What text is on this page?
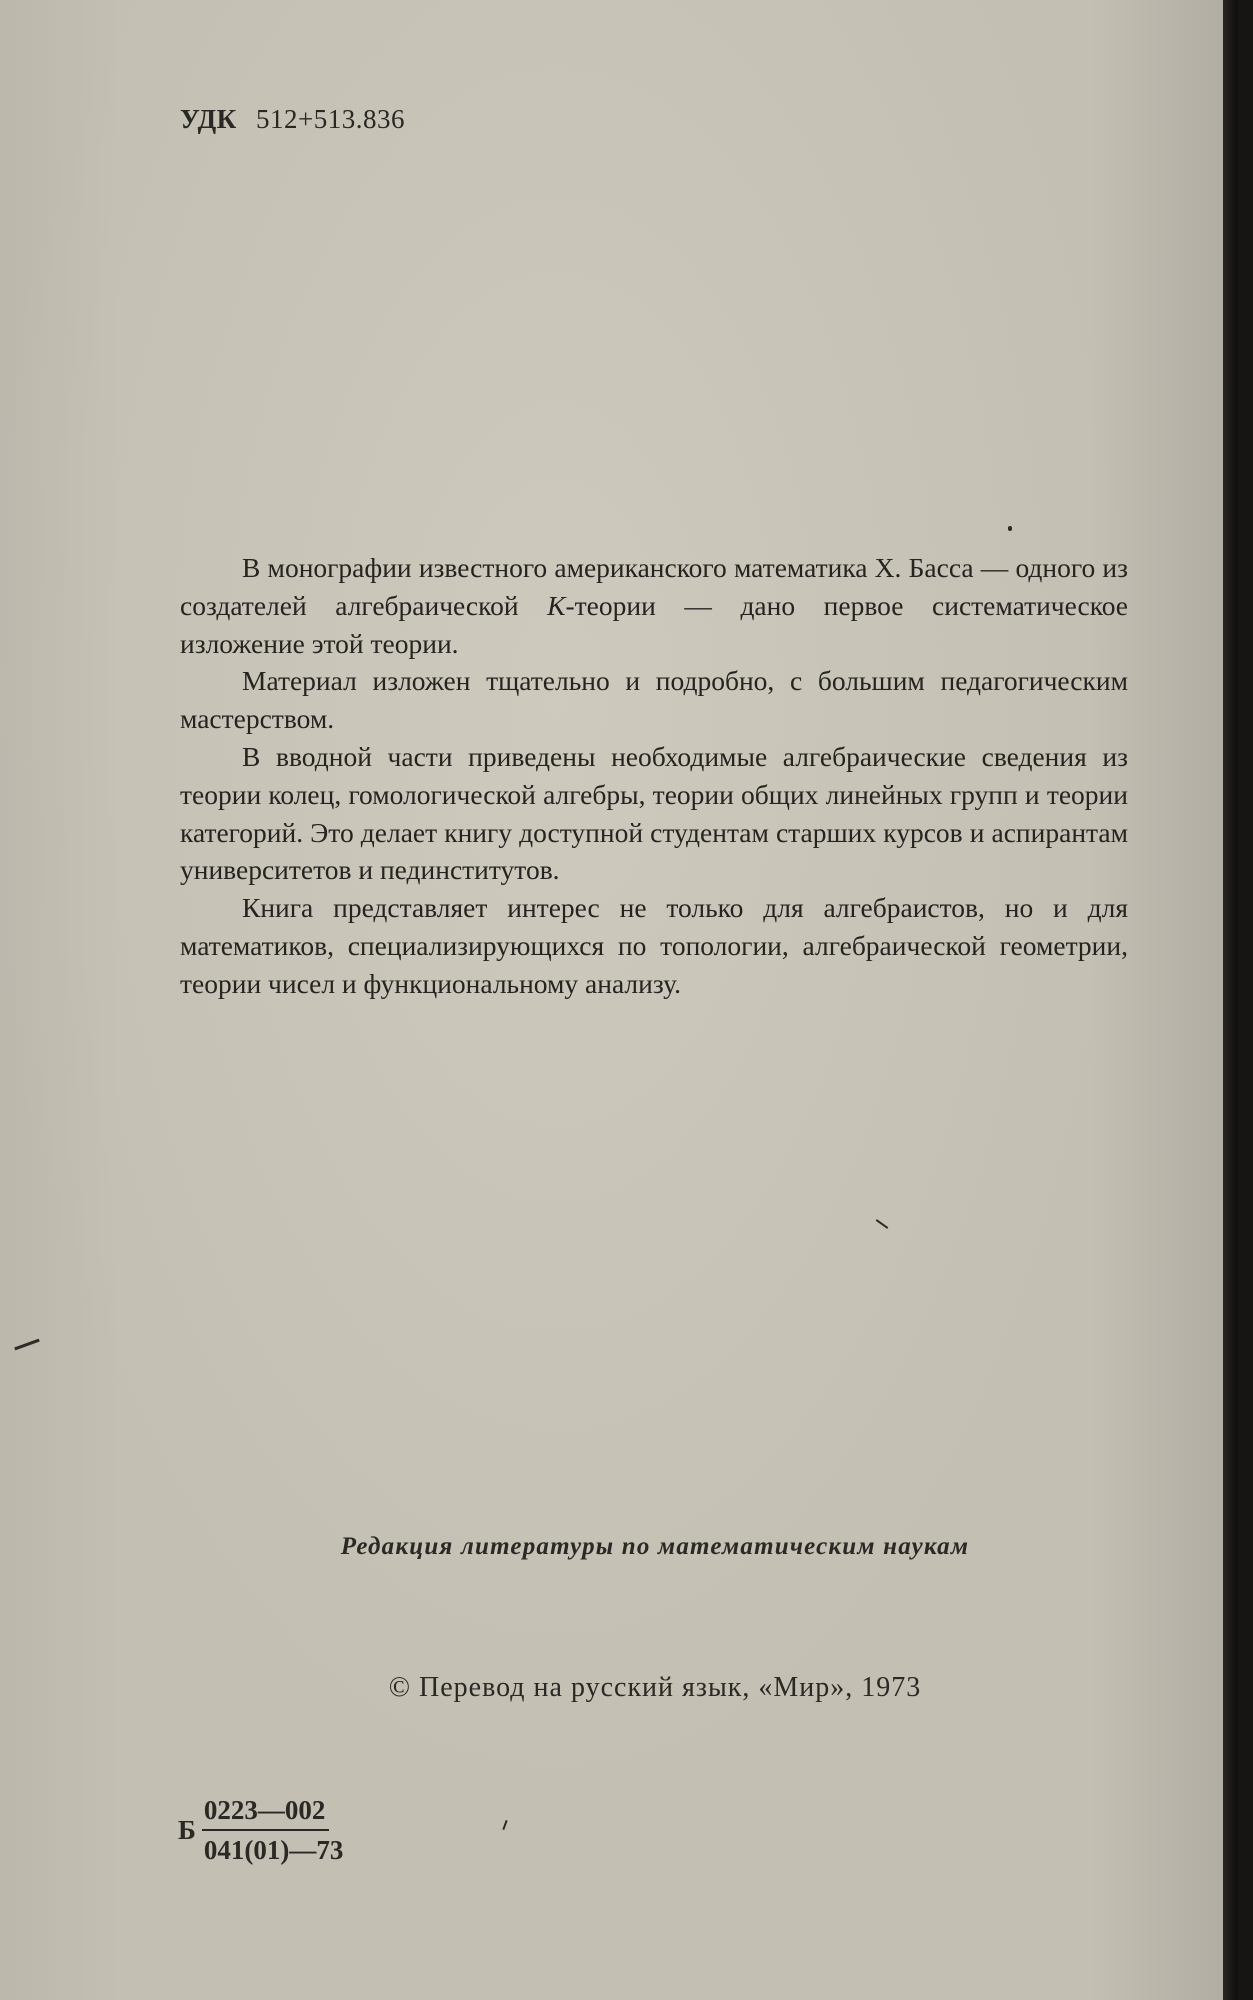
УДК 512+513.836

В монографии известного американского математика Х. Басса — одного из создателей алгебраической K-теории — дано первое систематическое изложение этой теории.

Материал изложен тщательно и подробно, с большим педагогическим мастерством.

В вводной части приведены необходимые алгебраические сведения из теории колец, гомологической алгебры, теории общих линейных групп и теории категорий. Это делает книгу доступной студентам старших курсов и аспирантам университетов и пединститутов.

Книга представляет интерес не только для алгебраистов, но и для математиков, специализирующихся по топологии, алгебраической геометрии, теории чисел и функциональному анализу.

Редакция литературы по математическим наукам
© Перевод на русский язык, «Мир», 1973
Б $\frac{0223—002}{041(01)—73}$
